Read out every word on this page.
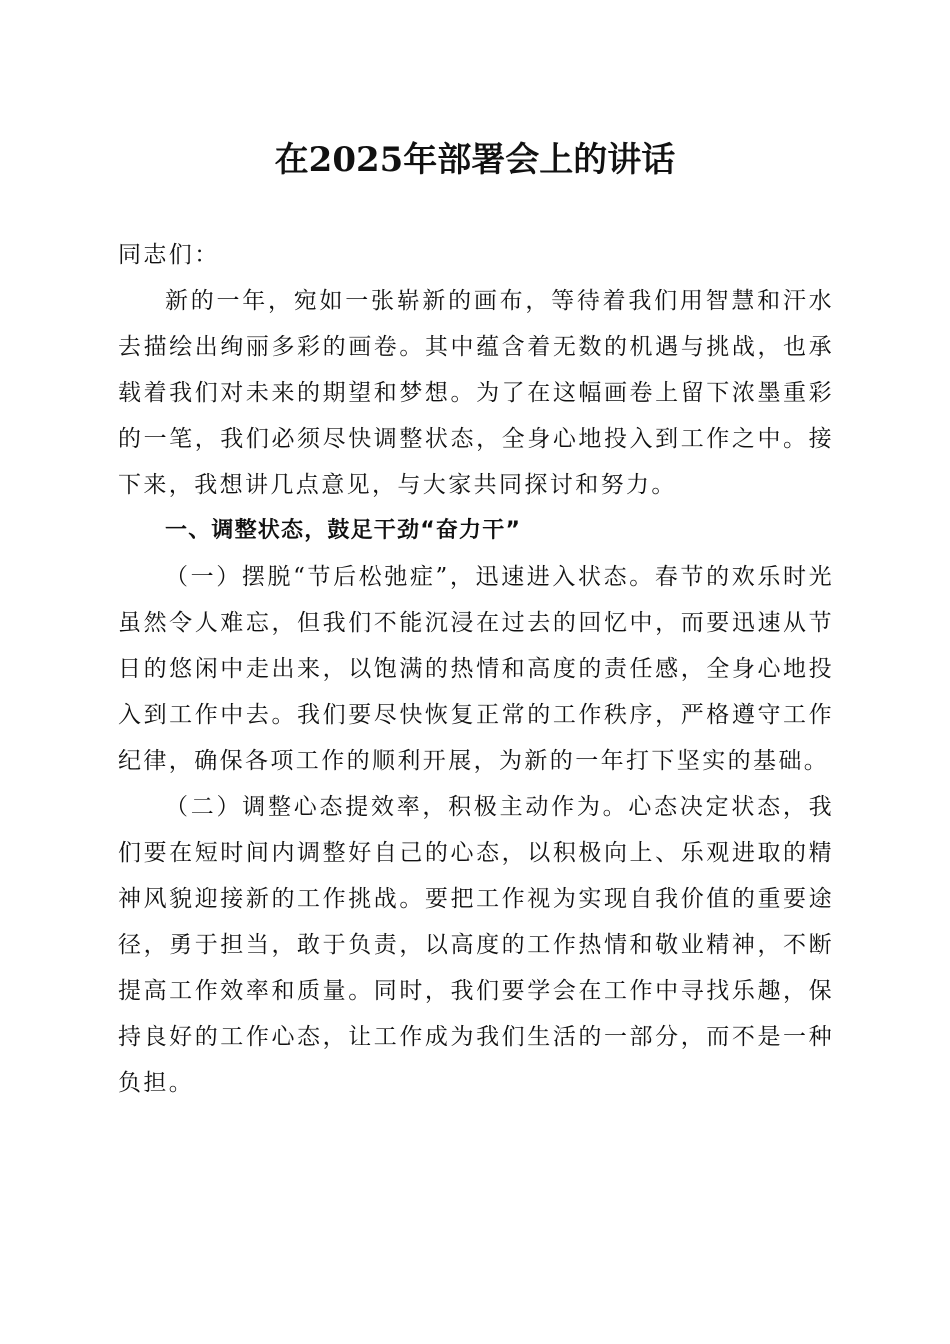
在2025年部署会上的讲话

同志们：

新的一年，宛如一张崭新的画布，等待着我们用智慧和汗水去描绘出绚丽多彩的画卷。其中蕴含着无数的机遇与挑战，也承载着我们对未来的期望和梦想。为了在这幅画卷上留下浓墨重彩的一笔，我们必须尽快调整状态，全身心地投入到工作之中。接下来，我想讲几点意见，与大家共同探讨和努力。

一、调整状态，鼓足干劲“奋力干”

（一）摆脱“节后松弛症”，迅速进入状态。春节的欢乐时光虽然令人难忘，但我们不能沉浸在过去的回忆中，而要迅速从节日的悠闲中走出来，以饱满的热情和高度的责任感，全身心地投入到工作中去。我们要尽快恢复正常的工作秩序，严格遵守工作纪律，确保各项工作的顺利开展，为新的一年打下坚实的基础。

（二）调整心态提效率，积极主动作为。心态决定状态，我们要在短时间内调整好自己的心态，以积极向上、乐观进取的精神风貌迎接新的工作挑战。要把工作视为实现自我价值的重要途径，勇于担当，敢于负责，以高度的工作热情和敬业精神，不断提高工作效率和质量。同时，我们要学会在工作中寻找乐趣，保持良好的工作心态，让工作成为我们生活的一部分，而不是一种负担。
